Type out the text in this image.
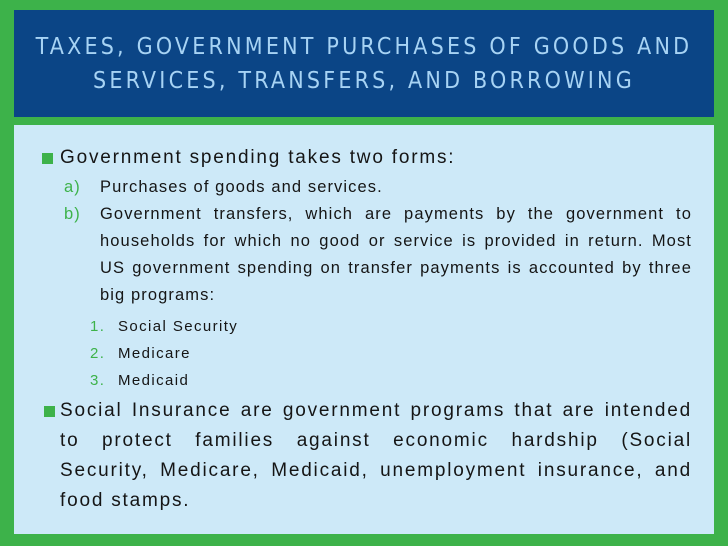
TAXES, GOVERNMENT PURCHASES OF GOODS AND SERVICES, TRANSFERS, AND BORROWING
Government spending takes two forms:
a) Purchases of goods and services.
b) Government transfers, which are payments by the government to households for which no good or service is provided in return. Most US government spending on transfer payments is accounted by three big programs:
1. Social Security
2. Medicare
3. Medicaid
Social Insurance are government programs that are intended to protect families against economic hardship (Social Security, Medicare, Medicaid, unemployment insurance, and food stamps.
